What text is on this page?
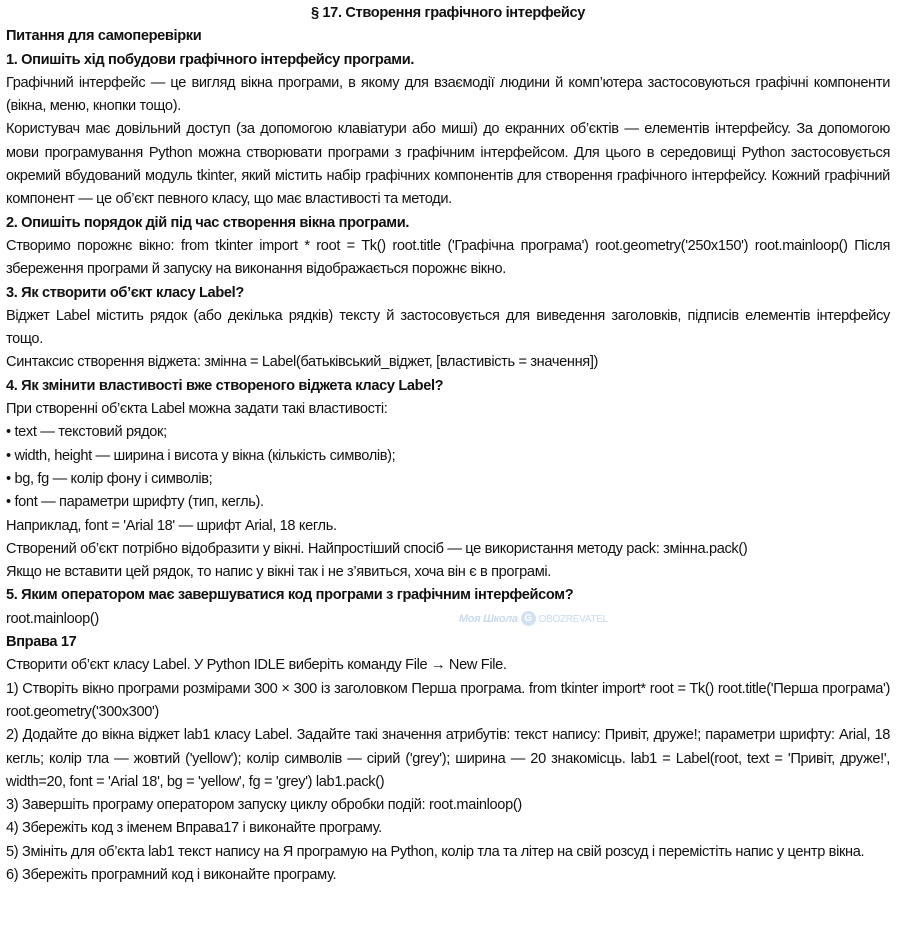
§ 17. Створення графічного інтерфейсу

Питання для самоперевірки

1. Опишіть хід побудови графічного інтерфейсу програми.

Графічний інтерфейс — це вигляд вікна програми, в якому для взаємодії людини й комп’ютера застосовуються графічні компоненти (вікна, меню, кнопки тощо).

Користувач має довільний доступ (за допомогою клавіатури або миші) до екранних об’єктів — елементів інтерфейсу. За допомогою мови програмування Python можна створювати програми з графічним інтерфейсом. Для цього в середовищі Python застосовується окремий вбудований модуль tkinter, який містить набір графічних компонентів для створення графічного інтерфейсу. Кожний графічний компонент — це об’єкт певного класу, що має властивості та методи.

2. Опишіть порядок дій під час створення вікна програми.

Створимо порожнє вікно: from tkinter import * root = Tk() root.title ('Графічна програма') root.geometry('250x150') root.mainloop() Після збереження програми й запуску на виконання відображається порожнє вікно.

3. Як створити об’єкт класу Label?

Віджет Label містить рядок (або декілька рядків) тексту й застосовується для виведення заголовків, підписів елементів інтерфейсу тощо.

Синтаксис створення віджета: змінна = Label(батьківський_віджет, [властивість = значення])

4. Як змінити властивості вже створеного віджета класу Label?

При створенні об’єкта Label можна задати такі властивості:

• text — текстовий рядок;

• width, height — ширина і висота у вікна (кількість символів);

• bg, fg — колір фону і символів;

• font — параметри шрифту (тип, кегль).

Наприклад, font = 'Arial 18' — шрифт Arial, 18 кегль.

Створений об’єкт потрібно відобразити у вікні. Найпростіший спосіб — це використання методу pack: змінна.pack()

Якщо не вставити цей рядок, то напис у вікні так і не з’явиться, хоча він є в програмі.

5. Яким оператором має завершуватися код програми з графічним інтерфейсом?

root.mainloop()	Моя Школа G OBOZREVATEL

Вправа 17

Створити об’єкт класу Label. У Python IDLE виберіть команду File → New File.

1) Створіть вікно програми розмірами 300 × 300 із заголовком Перша програма. from tkinter import* root = Tk() root.title('Перша програма') root.geometry('300x300')

2) Додайте до вікна віджет lab1 класу Label. Задайте такі значення атрибутів: текст напису: Привіт, друже!; параметри шрифту: Arial, 18 кегль; колір тла — жовтий ('yellow'); колір символів — сірий ('grey'); ширина — 20 знакомісць. lab1 = Label(root, text = 'Привіт, друже!', width=20, font = 'Arial 18', bg = 'yellow', fg = 'grey') lab1.pack()

3) Завершіть програму оператором запуску циклу обробки подій: root.mainloop()

4) Збережіть код з іменем Вправа17 і виконайте програму.

5) Змініть для об’єкта lab1 текст напису на Я програмую на Python, колір тла та літер на свій розсуд і перемістіть напис у центр вікна.

6) Збережіть програмний код і виконайте програму.
